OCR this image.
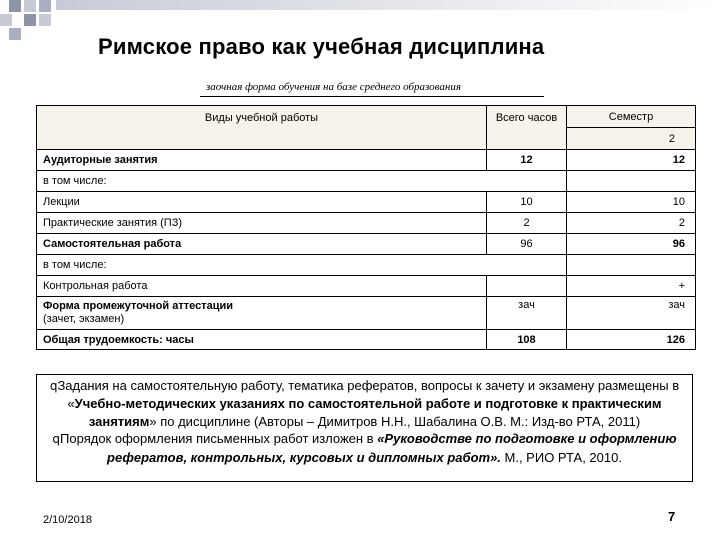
Римское право как учебная дисциплина
заочная форма обучения на базе среднего образования
Виды учебной работы	Всего часов	Семестр
		2
Аудиторные занятия	12	12
в том числе:		
Лекции	10	10
Практические занятия (ПЗ)	2	2
Самостоятельная работа	96	96
в том числе:		
Контрольная работа		+

Форма промежуточной аттестации
(зачет, экзамен)	зач	зач
Общая трудоемкость: часы	108	126
qЗадания на самостоятельную работу, тематика рефератов, вопросы к зачету и экзамену размещены в «Учебно-методических указаниях по самостоятельной работе и подготовке к практическим занятиям» по дисциплине (Авторы – Димитров Н.Н., Шабалина О.В. М.: Изд-во РТА, 2011)
qПорядок оформления письменных работ изложен в «Руководстве по подготовке и оформлению рефератов, контрольных, курсовых и дипломных работ». М., РИО РТА, 2010.
2/10/2018	7
